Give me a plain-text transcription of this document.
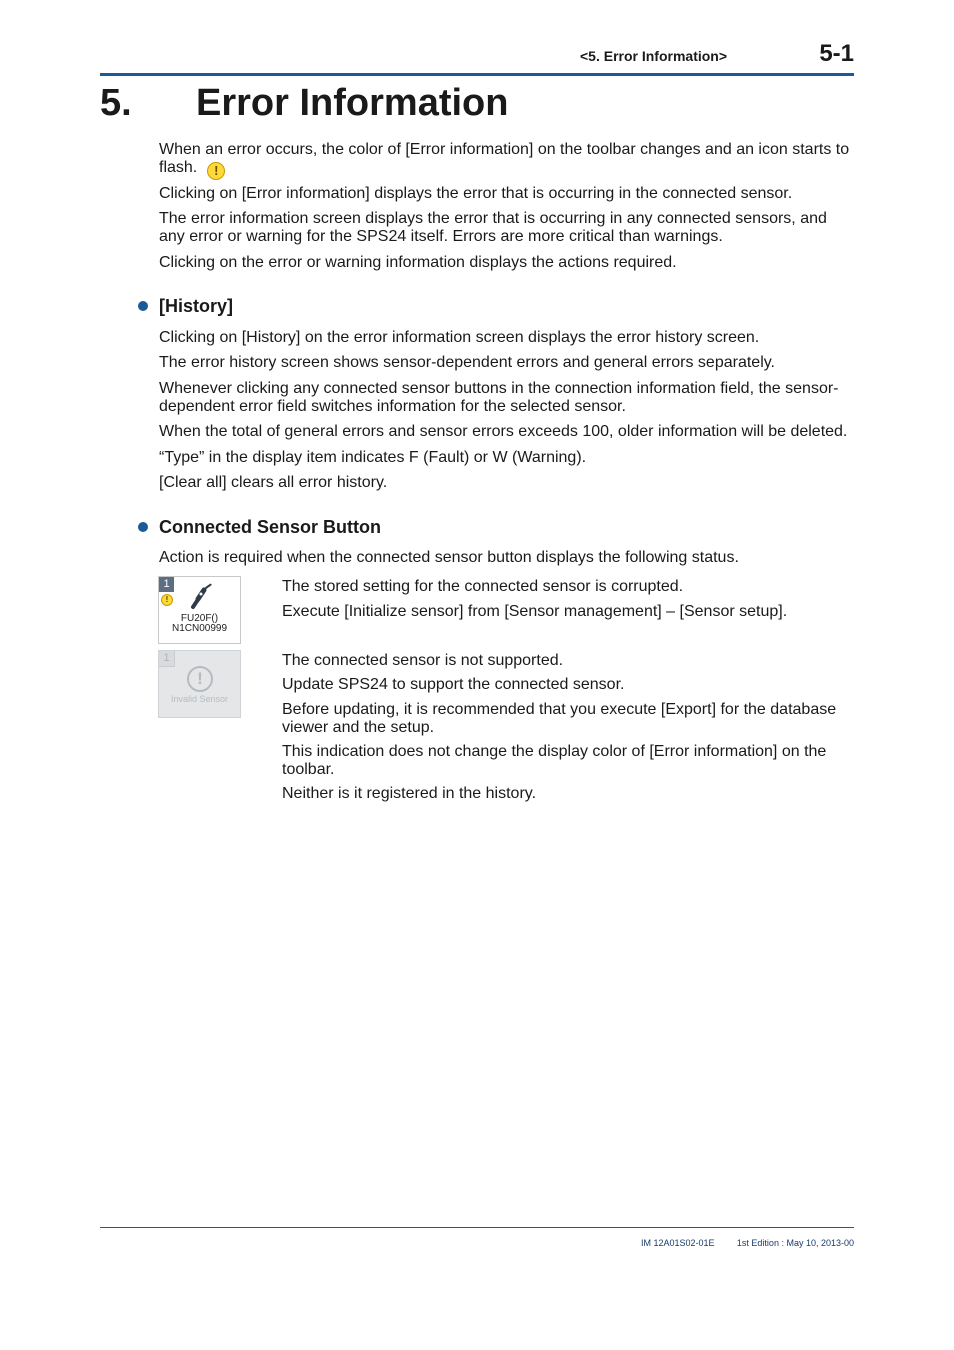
<5. Error Information>	5-1
5. Error Information
When an error occurs, the color of [Error information] on the toolbar changes and an icon starts to flash. !
Clicking on [Error information] displays the error that is occurring in the connected sensor.
The error information screen displays the error that is occurring in any connected sensors, and any error or warning for the SPS24 itself. Errors are more critical than warnings.
Clicking on the error or warning information displays the actions required.
[History]
Clicking on [History] on the error information screen displays the error history screen.
The error history screen shows sensor-dependent errors and general errors separately.
Whenever clicking any connected sensor buttons in the connection information field, the sensor-dependent error field switches information for the selected sensor.
When the total of general errors and sensor errors exceeds 100, older information will be deleted.
“Type” in the display item indicates F (Fault) or W (Warning).
[Clear all] clears all error history.
Connected Sensor Button
Action is required when the connected sensor button displays the following status.
1
!
FU20F()
N1CN00999
The stored setting for the connected sensor is corrupted.
Execute [Initialize sensor] from [Sensor management] – [Sensor setup].
1
!
Invalid Sensor
The connected sensor is not supported.
Update SPS24 to support the connected sensor.
Before updating, it is recommended that you execute [Export] for the database viewer and the setup.
This indication does not change the display color of [Error information] on the toolbar.
Neither is it registered in the history.
IM 12A01S02-01E	1st Edition : May 10, 2013-00
